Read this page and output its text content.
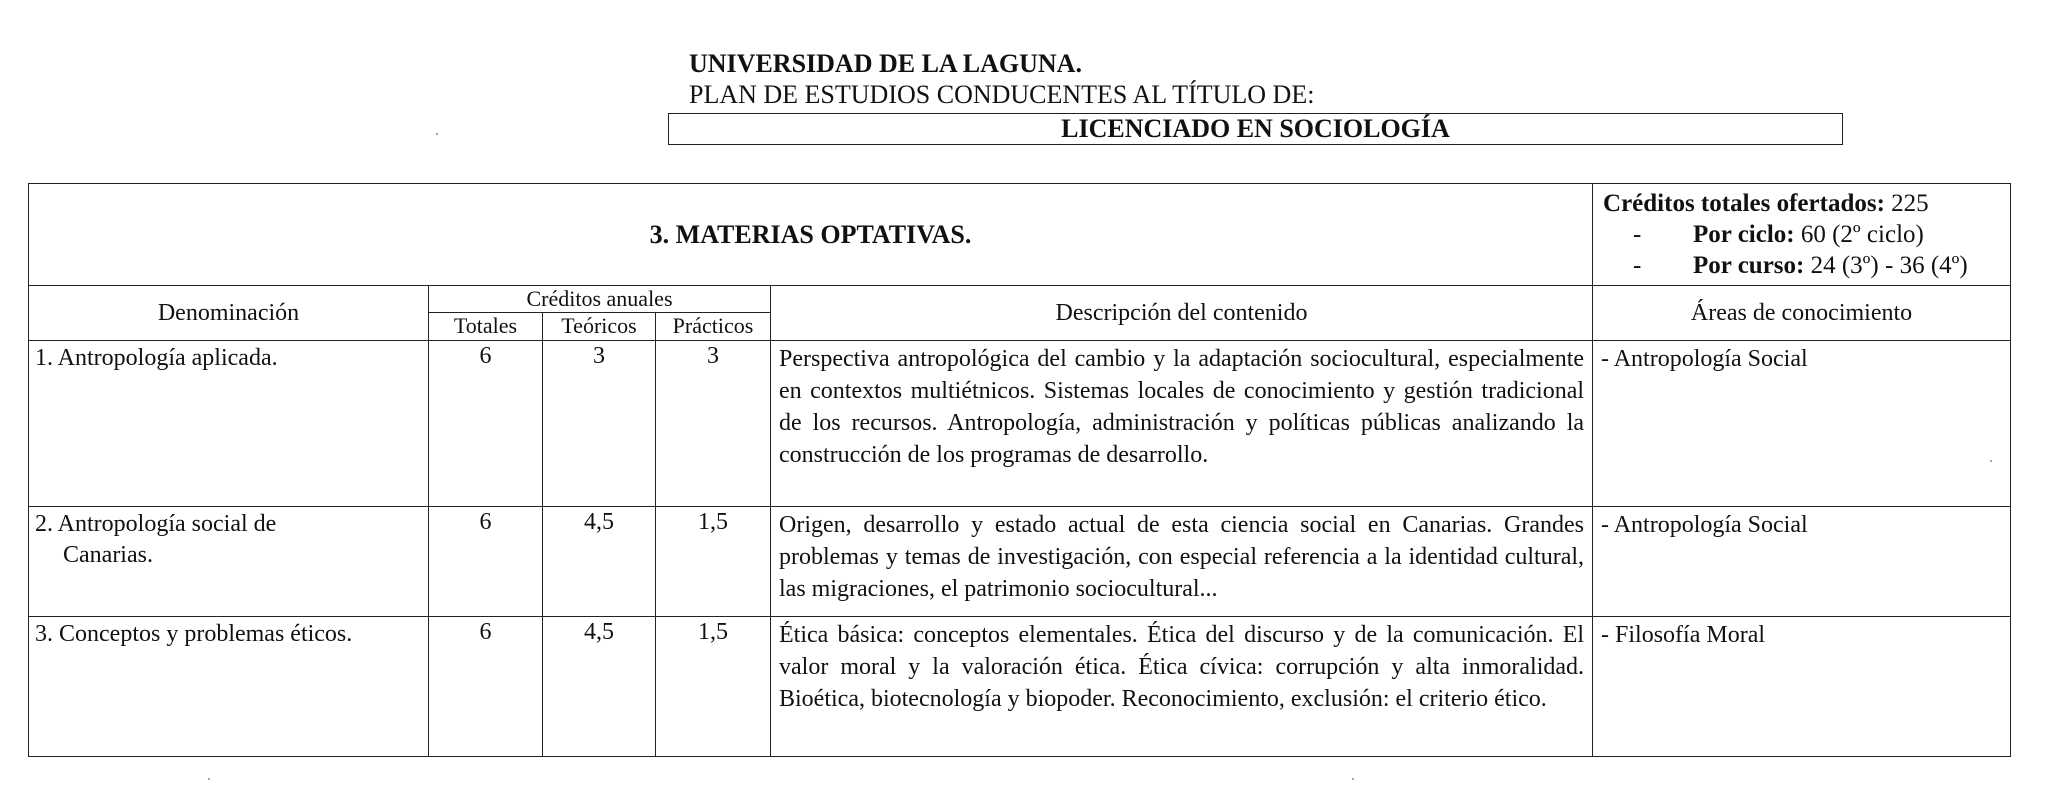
UNIVERSIDAD DE LA LAGUNA.
PLAN DE ESTUDIOS CONDUCENTES AL TÍTULO DE:
LICENCIADO EN SOCIOLOGÍA
3. MATERIAS OPTATIVAS.					Créditos totales ofertados: 225
- Por ciclo: 60 (2º ciclo)
- Por curso: 24 (3º) - 36 (4º)

Denominación	Créditos anuales			Descripción del contenido	Áreas de conocimiento
	Totales	Teóricos	Prácticos		

1. Antropología aplicada.	6	3	3	Perspectiva antropológica del cambio y la adaptación sociocultural, especialmente en contextos multiétnicos. Sistemas locales de conocimiento y gestión tradicional de los recursos. Antropología, administración y políticas públicas analizando la construcción de los programas de desarrollo.	- Antropología Social

2. Antropología social de
Canarias.	6	4,5	1,5	Origen, desarrollo y estado actual de esta ciencia social en Canarias. Grandes problemas y temas de investigación, con especial referencia a la identidad cultural, las migraciones, el patrimonio sociocultural...	- Antropología Social

3. Conceptos y problemas éticos.	6	4,5	1,5	Ética básica: conceptos elementales. Ética del discurso y de la comunicación. El valor moral y la valoración ética. Ética cívica: corrupción y alta inmoralidad. Bioética, biotecnología y biopoder. Reconocimiento, exclusión: el criterio ético.	- Filosofía Moral
